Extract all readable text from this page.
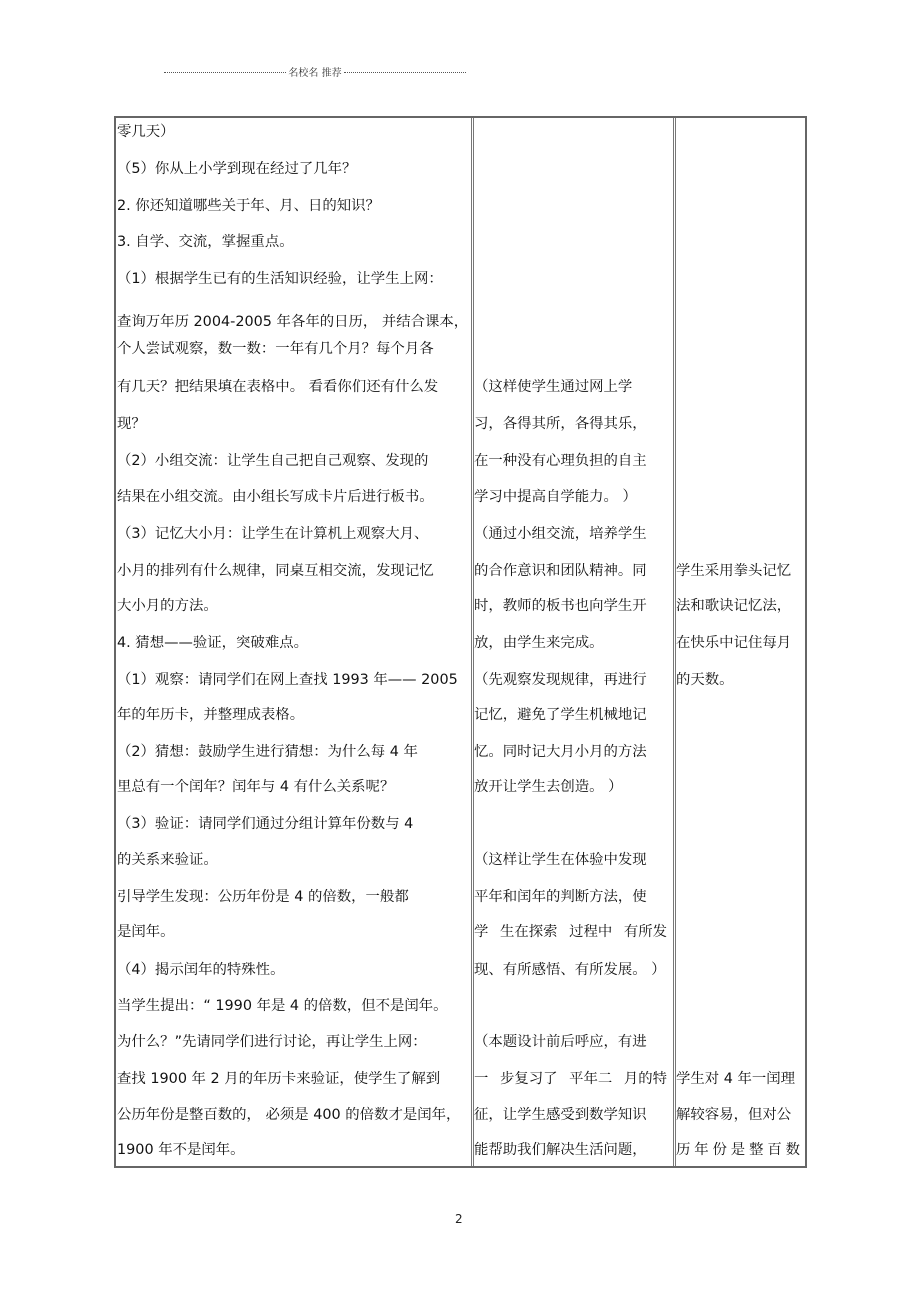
名校名 推荐
零几天）
（5）你从上小学到现在经过了几年？
2. 你还知道哪些关于年、月、日的知识？
3. 自学、交流，掌握重点。
（1）根据学生已有的生活知识经验，让学生上网：
查询万年历 2004-2005 年各年的日历， 并结合课本，
个人尝试观察，数一数：一年有几个月？每个月各
有几天？把结果填在表格中。 看看你们还有什么发
现？
（2）小组交流：让学生自己把自己观察、发现的
结果在小组交流。由小组长写成卡片后进行板书。
（3）记忆大小月：让学生在计算机上观察大月、
小月的排列有什么规律，同桌互相交流，发现记忆
大小月的方法。
4. 猜想——验证，突破难点。
（1）观察：请同学们在网上查找 1993 年—— 2005
年的年历卡，并整理成表格。
（2）猜想：鼓励学生进行猜想：为什么每 4 年
里总有一个闰年？闰年与 4 有什么关系呢？
（3）验证：请同学们通过分组计算年份数与 4
的关系来验证。
引导学生发现：公历年份是 4 的倍数，一般都
是闰年。
（4）揭示闰年的特殊性。
当学生提出：“ 1990 年是 4 的倍数，但不是闰年。
为什么？”先请同学们进行讨论，再让学生上网：
查找 1900 年 2 月的年历卡来验证，使学生了解到
公历年份是整百数的， 必须是 400 的倍数才是闰年，
1900 年不是闰年。
（这样使学生通过网上学
习，各得其所，各得其乐，
在一种没有心理负担的自主
学习中提高自学能力。 ）
（通过小组交流，培养学生
的合作意识和团队精神。同
时，教师的板书也向学生开
放，由学生来完成。
（先观察发现规律，再进行
记忆，避免了学生机械地记
忆。同时记大月小月的方法
放开让学生去创造。 ）
（这样让学生在体验中发现
平年和闰年的判断方法，使
学 生在探索 过程中 有所发
现、有所感悟、有所发展。 ）
（本题设计前后呼应，有进
一 步复习了 平年二 月的特
征，让学生感受到数学知识
能帮助我们解决生活问题，
学生采用拳头记忆
法和歌诀记忆法，
在快乐中记住每月
的天数。
学生对 4 年一闰理
解较容易，但对公
历 年 份 是 整 百 数
2
